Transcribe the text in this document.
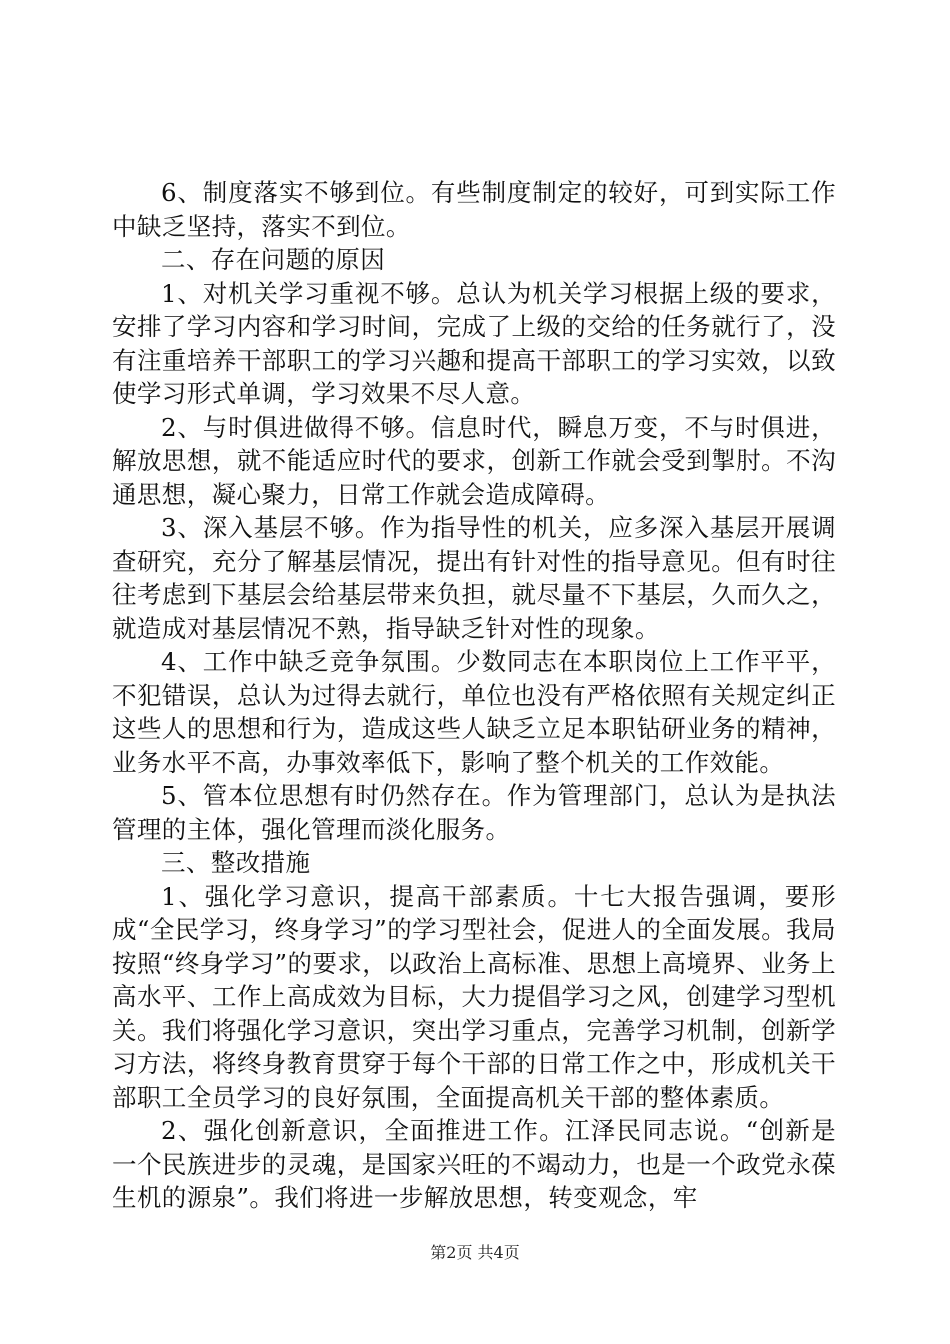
6、制度落实不够到位。有些制度制定的较好，可到实际工作中缺乏坚持，落实不到位。

二、存在问题的原因

1、对机关学习重视不够。总认为机关学习根据上级的要求，安排了学习内容和学习时间，完成了上级的交给的任务就行了，没有注重培养干部职工的学习兴趣和提高干部职工的学习实效，以致使学习形式单调，学习效果不尽人意。

2、与时俱进做得不够。信息时代，瞬息万变，不与时俱进，解放思想，就不能适应时代的要求，创新工作就会受到掣肘。不沟通思想，凝心聚力，日常工作就会造成障碍。

3、深入基层不够。作为指导性的机关，应多深入基层开展调查研究，充分了解基层情况，提出有针对性的指导意见。但有时往往考虑到下基层会给基层带来负担，就尽量不下基层，久而久之，就造成对基层情况不熟，指导缺乏针对性的现象。

4、工作中缺乏竞争氛围。少数同志在本职岗位上工作平平，不犯错误，总认为过得去就行，单位也没有严格依照有关规定纠正这些人的思想和行为，造成这些人缺乏立足本职钻研业务的精神，业务水平不高，办事效率低下，影响了整个机关的工作效能。

5、管本位思想有时仍然存在。作为管理部门，总认为是执法管理的主体，强化管理而淡化服务。

三、整改措施

1、强化学习意识，提高干部素质。十七大报告强调，要形成“全民学习，终身学习”的学习型社会，促进人的全面发展。我局按照“终身学习”的要求，以政治上高标准、思想上高境界、业务上高水平、工作上高成效为目标，大力提倡学习之风，创建学习型机关。我们将强化学习意识，突出学习重点，完善学习机制，创新学习方法，将终身教育贯穿于每个干部的日常工作之中，形成机关干部职工全员学习的良好氛围，全面提高机关干部的整体素质。

2、强化创新意识，全面推进工作。江泽民同志说。“创新是一个民族进步的灵魂，是国家兴旺的不竭动力，也是一个政党永葆生机的源泉”。我们将进一步解放思想，转变观念，牢

第2页 共4页
